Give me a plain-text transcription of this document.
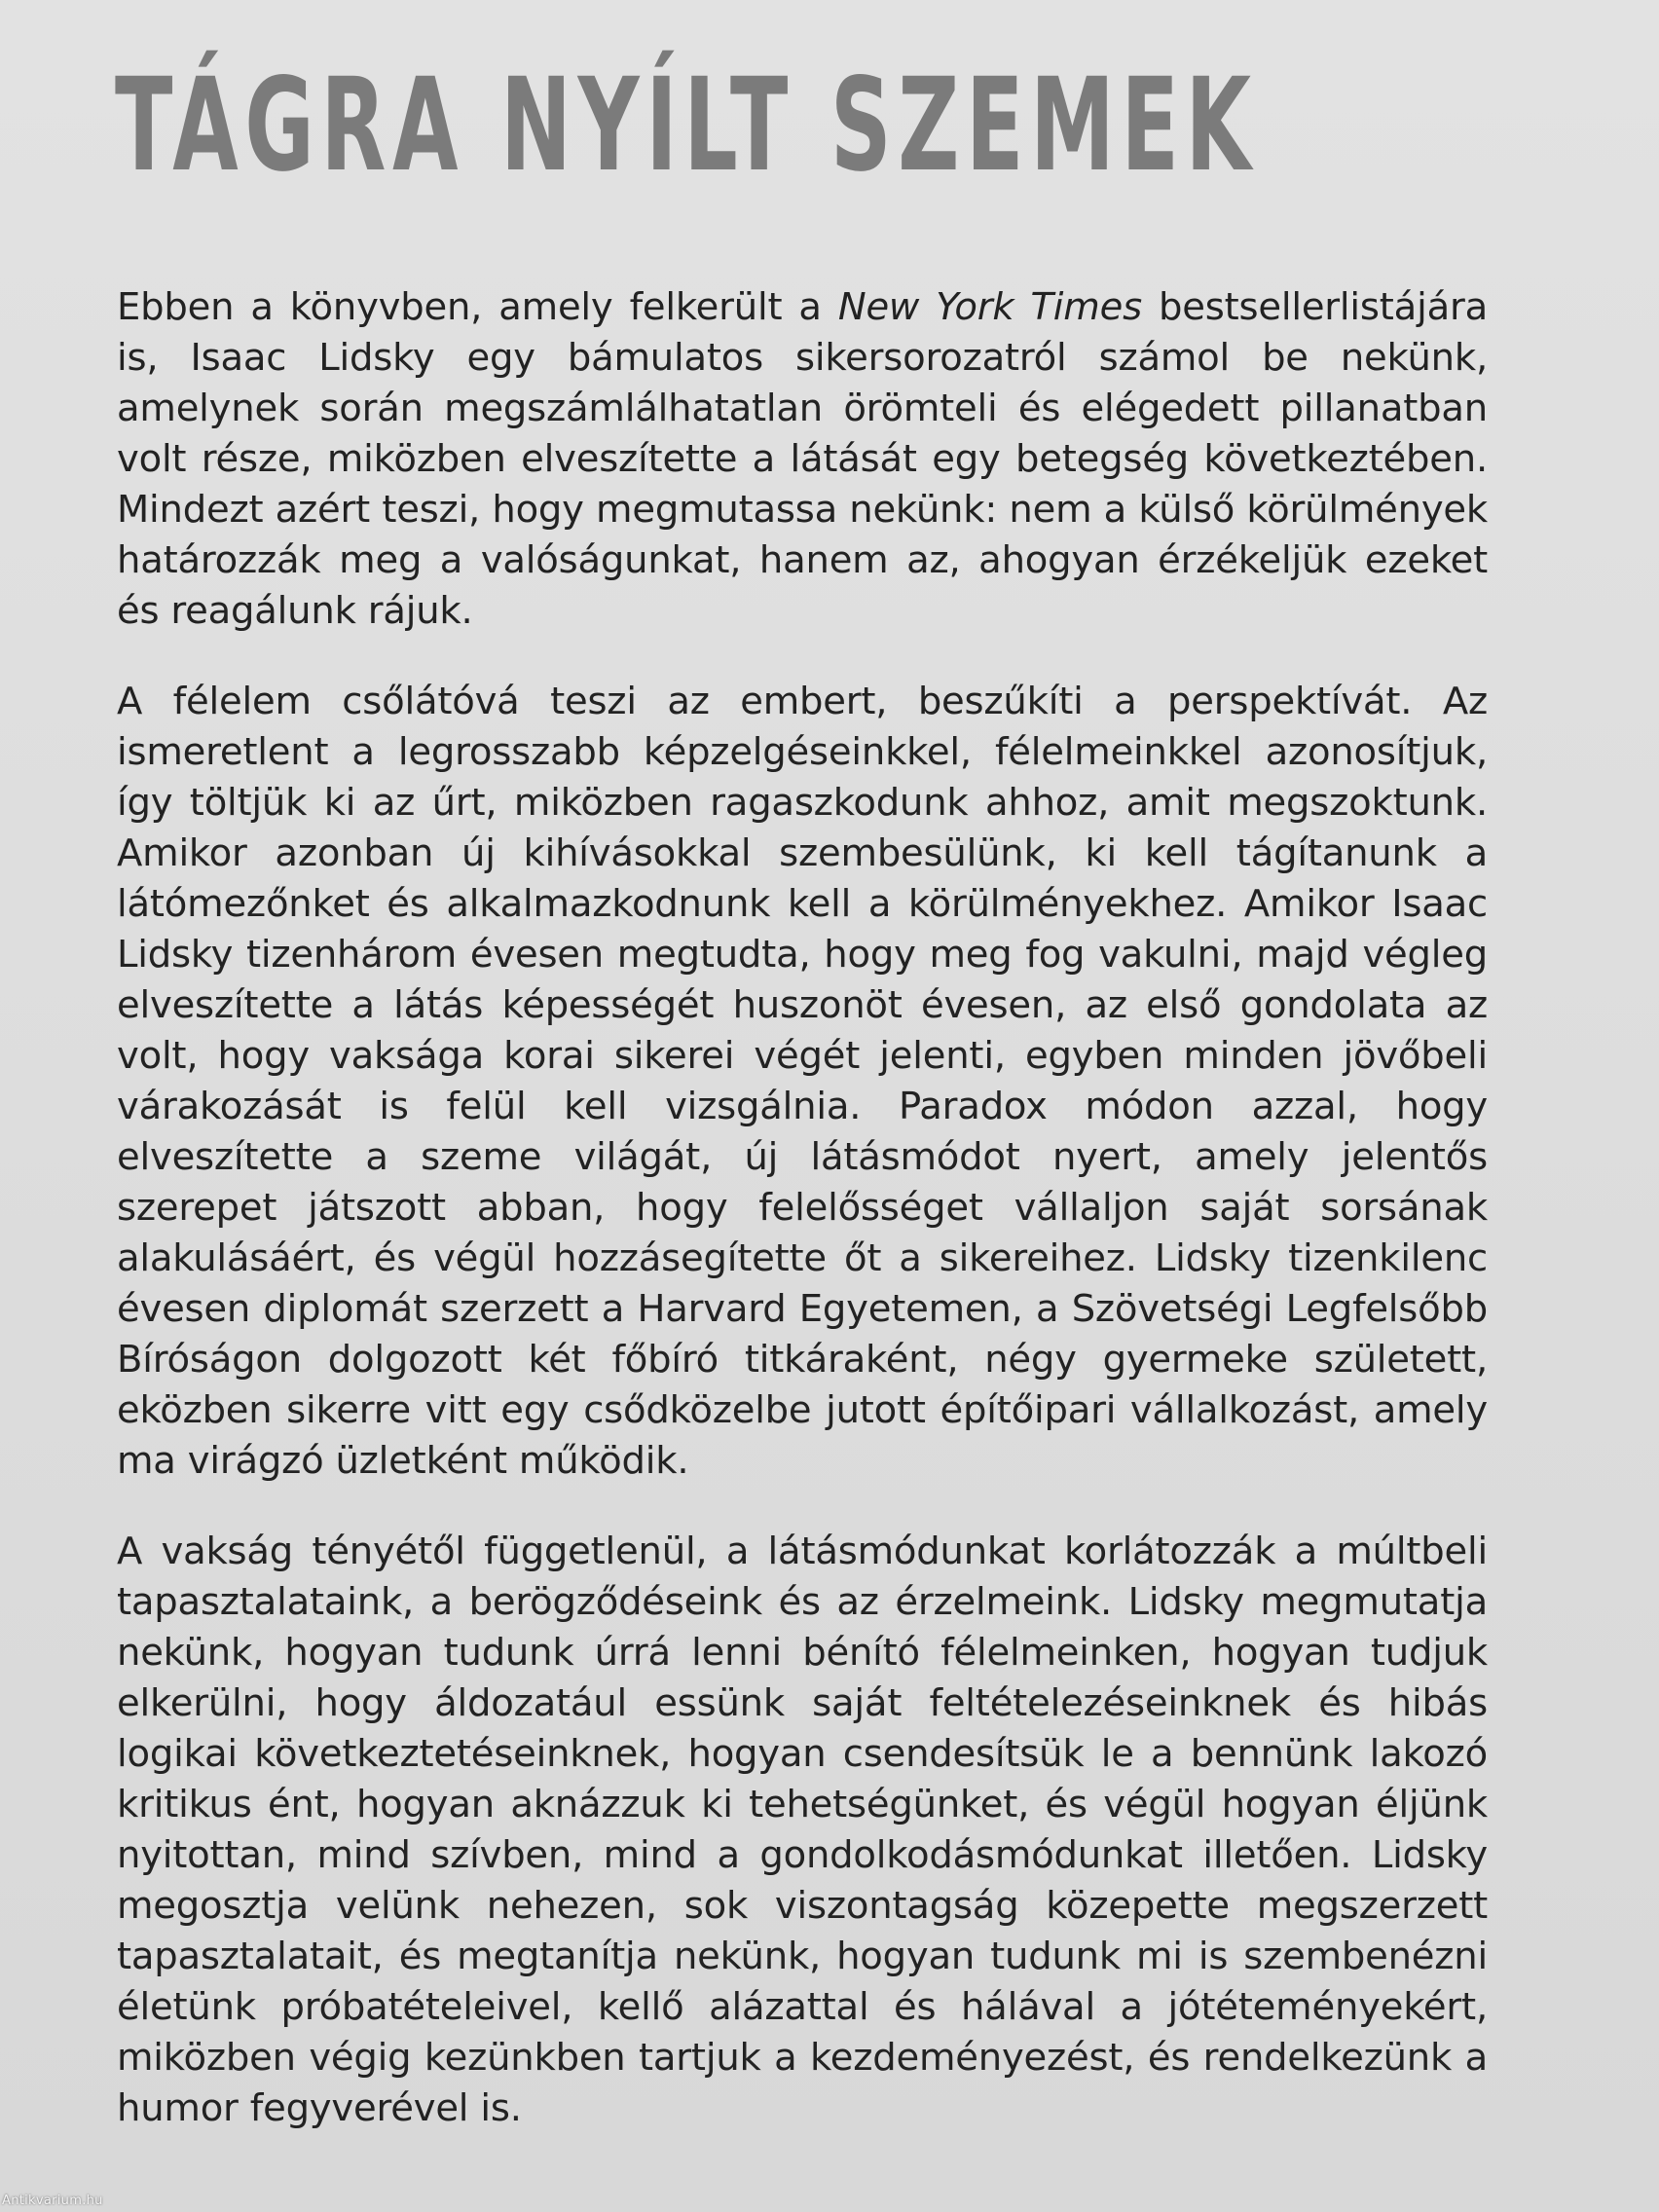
TÁGRA NYÍLT SZEMEK

Ebben a könyvben, amely felkerült a New York Times bestsellerlistájára is, Isaac Lidsky egy bámulatos sikersorozatról számol be nekünk, amelynek során megszámlálhatatlan örömteli és elégedett pillanatban volt része, miközben elveszítette a látását egy betegség következtében. Mindezt azért teszi, hogy megmutassa nekünk: nem a külső körülmények határozzák meg a valóságunkat, hanem az, ahogyan érzékeljük ezeket és reagálunk rájuk.

A félelem csőlátóvá teszi az embert, beszűkíti a perspektívát. Az ismeretlent a legrosszabb képzelgéseinkkel, félelmeinkkel azonosítjuk, így töltjük ki az űrt, miközben ragaszkodunk ahhoz, amit megszoktunk. Amikor azonban új kihívásokkal szembesülünk, ki kell tágítanunk a látómezőnket és alkalmazkodnunk kell a körülményekhez. Amikor Isaac Lidsky tizenhárom évesen megtudta, hogy meg fog vakulni, majd végleg elveszítette a látás képességét huszonöt évesen, az első gondolata az volt, hogy vaksága korai sikerei végét jelenti, egyben minden jövőbeli várakozását is felül kell vizsgálnia. Paradox módon azzal, hogy elveszítette a szeme világát, új látásmódot nyert, amely jelentős szerepet játszott abban, hogy felelősséget vállaljon saját sorsának alakulásáért, és végül hozzásegítette őt a sikereihez. Lidsky tizenkilenc évesen diplomát szerzett a Harvard Egyetemen, a Szövetségi Legfelsőbb Bíróságon dolgozott két főbíró titkáraként, négy gyermeke született, eközben sikerre vitt egy csődközelbe jutott építőipari vállalkozást, amely ma virágzó üzletként működik.

A vakság tényétől függetlenül, a látásmódunkat korlátozzák a múltbeli tapasztalataink, a berögződéseink és az érzelmeink. Lidsky megmutatja nekünk, hogyan tudunk úrrá lenni bénító félelmeinken, hogyan tudjuk elkerülni, hogy áldozatául essünk saját feltételezéseinknek és hibás logikai következtetéseinknek, hogyan csendesítsük le a bennünk lakozó kritikus ént, hogyan aknázzuk ki tehetségünket, és végül hogyan éljünk nyitottan, mind szívben, mind a gondolkodásmódunkat illetően. Lidsky megosztja velünk nehezen, sok viszontagság közepette megszerzett tapasztalatait, és megtanítja nekünk, hogyan tudunk mi is szembenézni életünk próbatételeivel, kellő alázattal és hálával a jótéteményekért, miközben végig kezünkben tartjuk a kezdeményezést, és rendelkezünk a humor fegyverével is.

Antikvarium.hu
